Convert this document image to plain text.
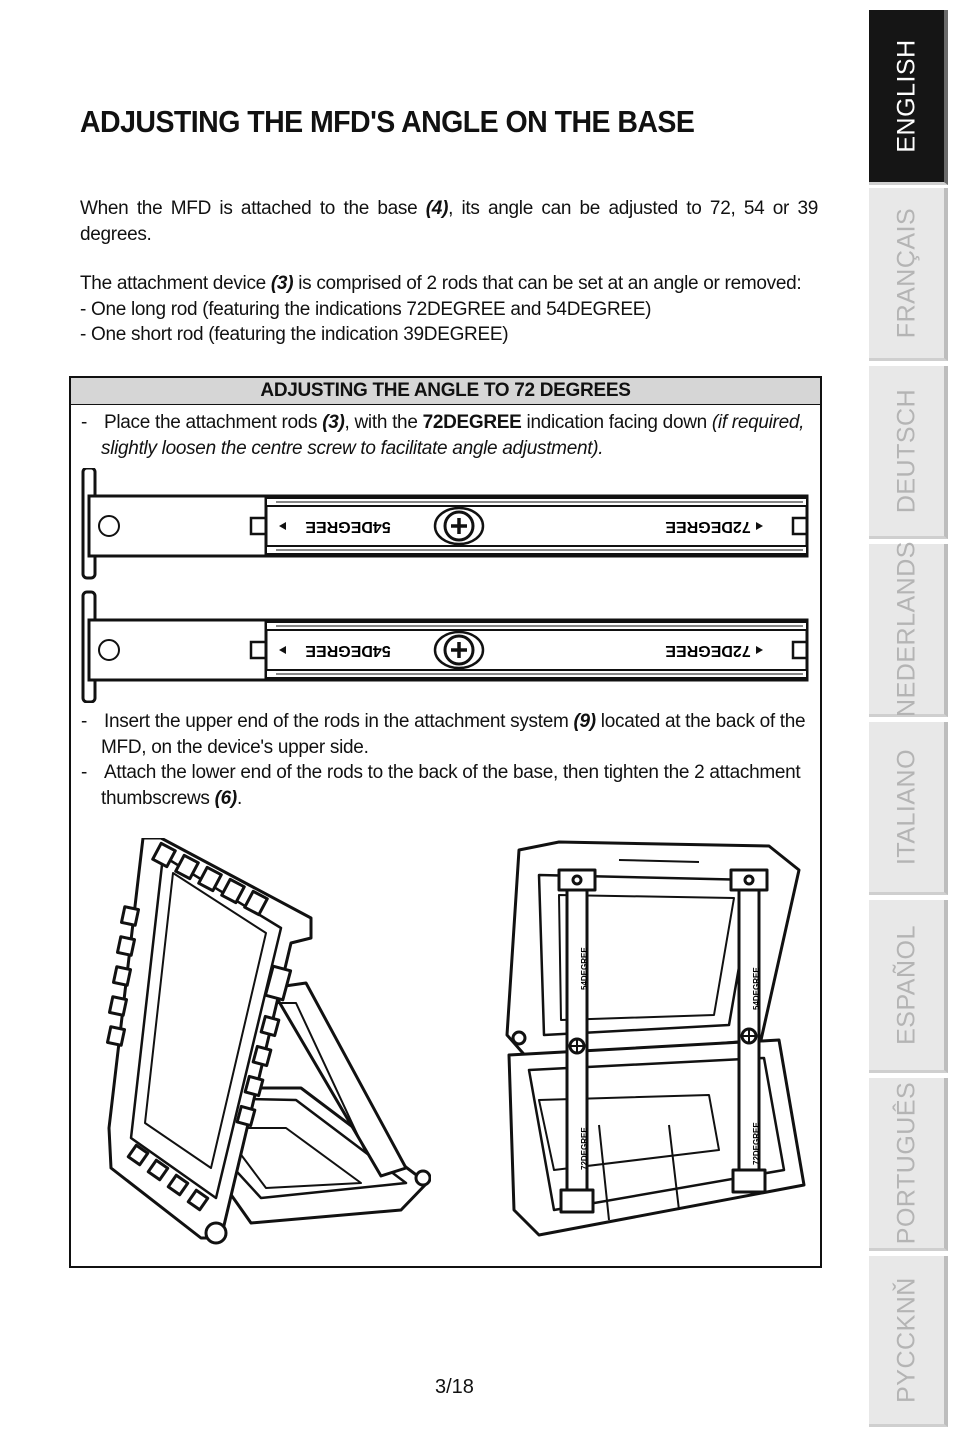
ADJUSTING THE MFD'S ANGLE ON THE BASE
When the MFD is attached to the base (4), its angle can be adjusted to 72, 54 or 39 degrees.
The attachment device (3) is comprised of 2 rods that can be set at an angle or removed:
- One long rod (featuring the indications 72DEGREE and 54DEGREE)
- One short rod (featuring the indication 39DEGREE)
ADJUSTING THE ANGLE TO 72 DEGREES
- Place the attachment rods (3), with the 72DEGREE indication facing down (if required, slightly loosen the centre screw to facilitate angle adjustment).
54DEGREE	72DEGREE
54DEGREE	72DEGREE
- Insert the upper end of the rods in the attachment system (9) located at the back of the MFD, on the device's upper side.
- Attach the lower end of the rods to the back of the base, then tighten the 2 attachment thumbscrews (6).
54DEGREE
72DEGREE
54DEGREE
72DEGREE
3/18
ENGLISH
FRANÇAIS
DEUTSCH
NEDERLANDS
ITALIANO
ESPAÑOL
PORTUGUÊS
PYCCKNŇ
